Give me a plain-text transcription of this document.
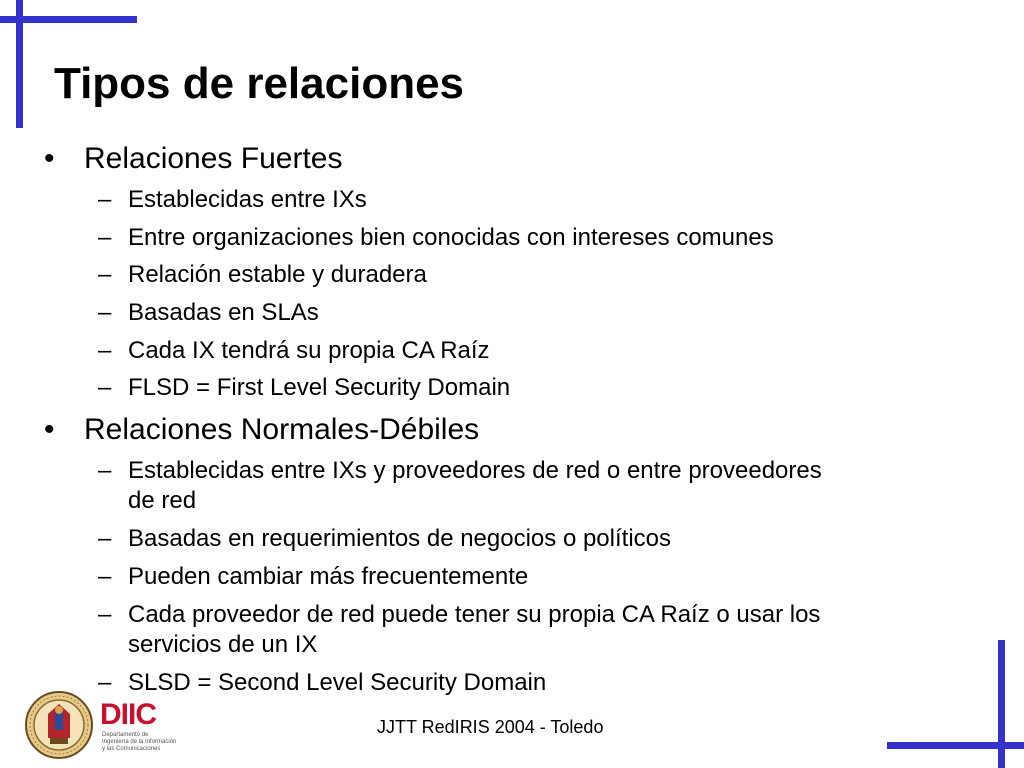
Tipos de relaciones
• Relaciones Fuertes
– Establecidas entre IXs
– Entre organizaciones bien conocidas con intereses comunes
– Relación estable y duradera
– Basadas en SLAs
– Cada IX tendrá su propia CA Raíz
– FLSD = First Level Security Domain
• Relaciones Normales-Débiles
– Establecidas entre IXs y proveedores de red o entre proveedores de red
– Basadas en requerimientos de negocios o políticos
– Pueden cambiar más frecuentemente
– Cada proveedor de red puede tener su propia CA Raíz o usar los servicios de un IX
– SLSD = Second Level Security Domain
DIIC
Departamento de
Ingeniería de la Información
y las Comunicaciones
JJTT RedIRIS 2004 - Toledo
